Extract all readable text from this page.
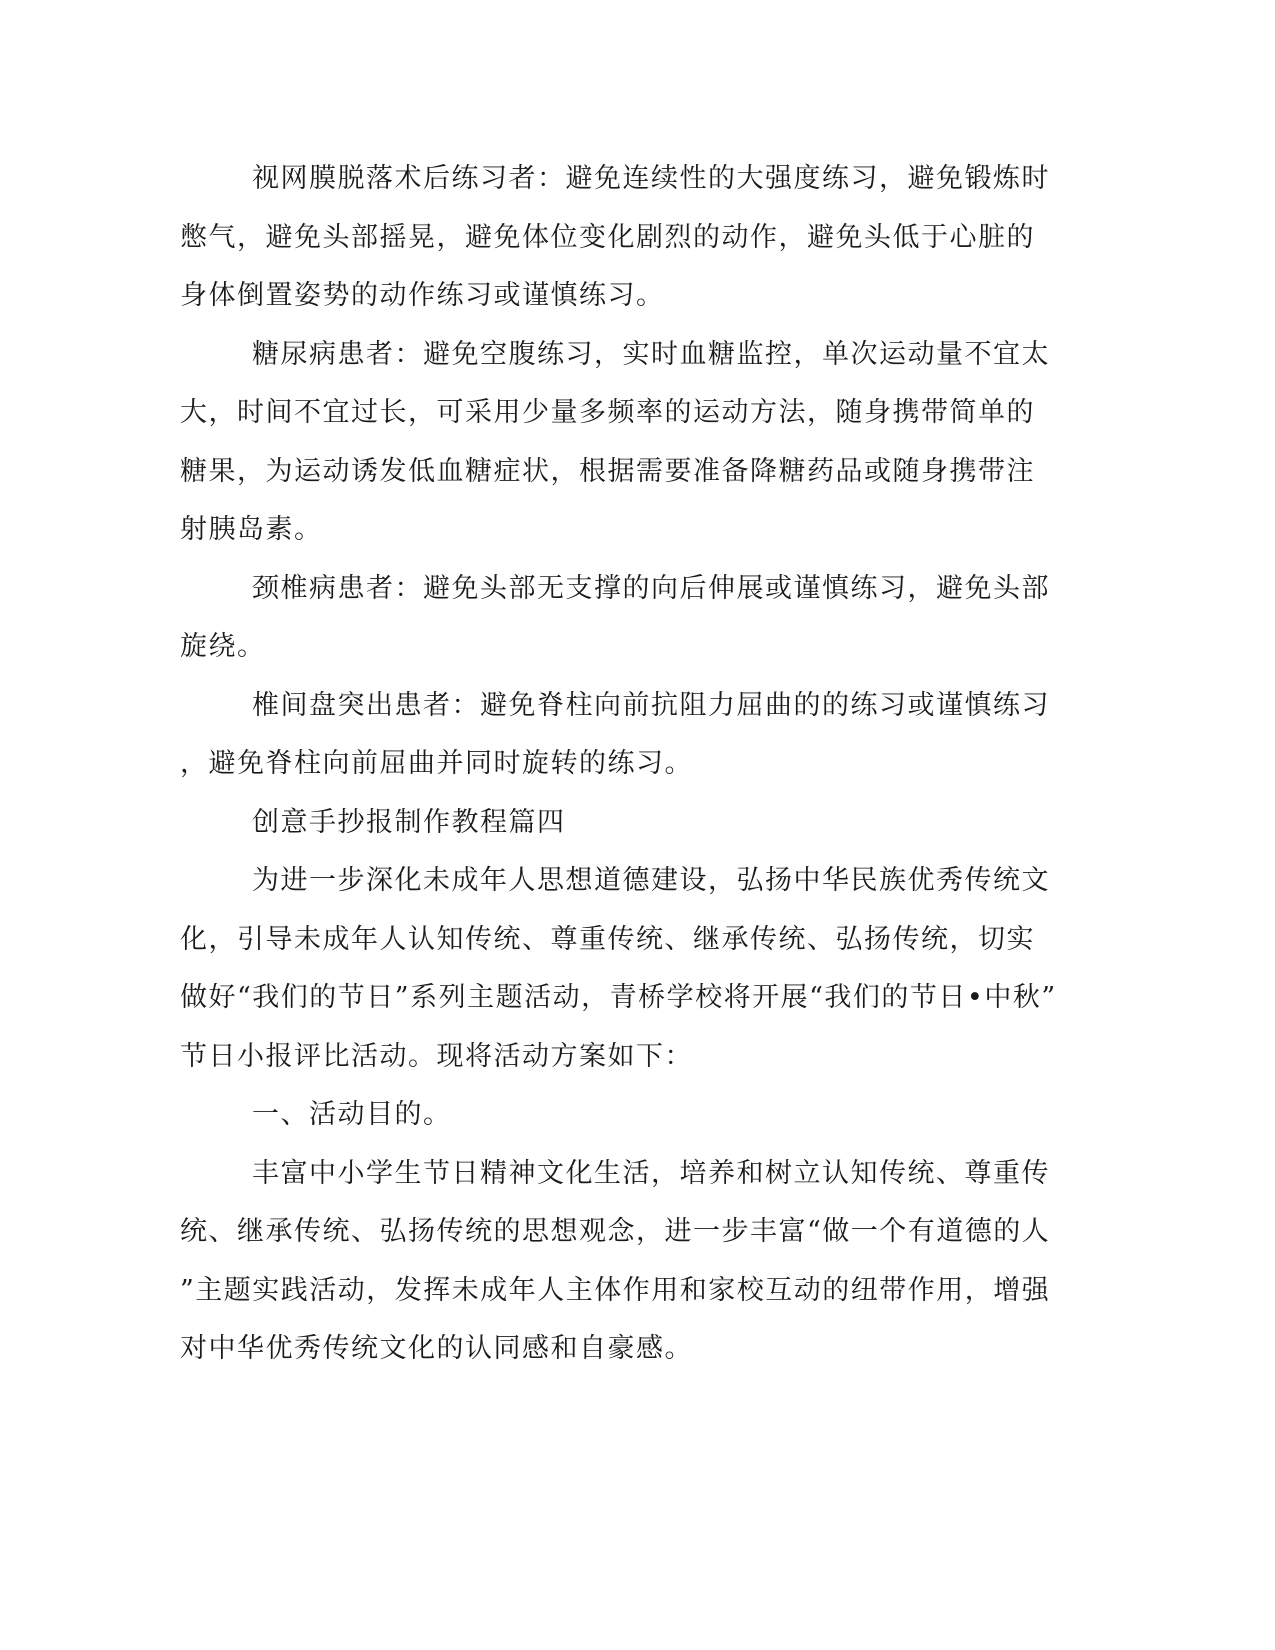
视网膜脱落术后练习者：避免连续性的大强度练习，避免锻炼时
憋气，避免头部摇晃，避免体位变化剧烈的动作，避免头低于心脏的
身体倒置姿势的动作练习或谨慎练习。
糖尿病患者：避免空腹练习，实时血糖监控，单次运动量不宜太
大，时间不宜过长，可采用少量多频率的运动方法，随身携带简单的
糖果，为运动诱发低血糖症状，根据需要准备降糖药品或随身携带注
射胰岛素。
颈椎病患者：避免头部无支撑的向后伸展或谨慎练习，避免头部
旋绕。
椎间盘突出患者：避免脊柱向前抗阻力屈曲的的练习或谨慎练习
，避免脊柱向前屈曲并同时旋转的练习。
创意手抄报制作教程篇四
为进一步深化未成年人思想道德建设，弘扬中华民族优秀传统文
化，引导未成年人认知传统、尊重传统、继承传统、弘扬传统，切实
做好“我们的节日”系列主题活动，青桥学校将开展“我们的节日•中秋”
节日小报评比活动。现将活动方案如下：
一、活动目的。
丰富中小学生节日精神文化生活，培养和树立认知传统、尊重传
统、继承传统、弘扬传统的思想观念，进一步丰富“做一个有道德的人
”主题实践活动，发挥未成年人主体作用和家校互动的纽带作用，增强
对中华优秀传统文化的认同感和自豪感。
